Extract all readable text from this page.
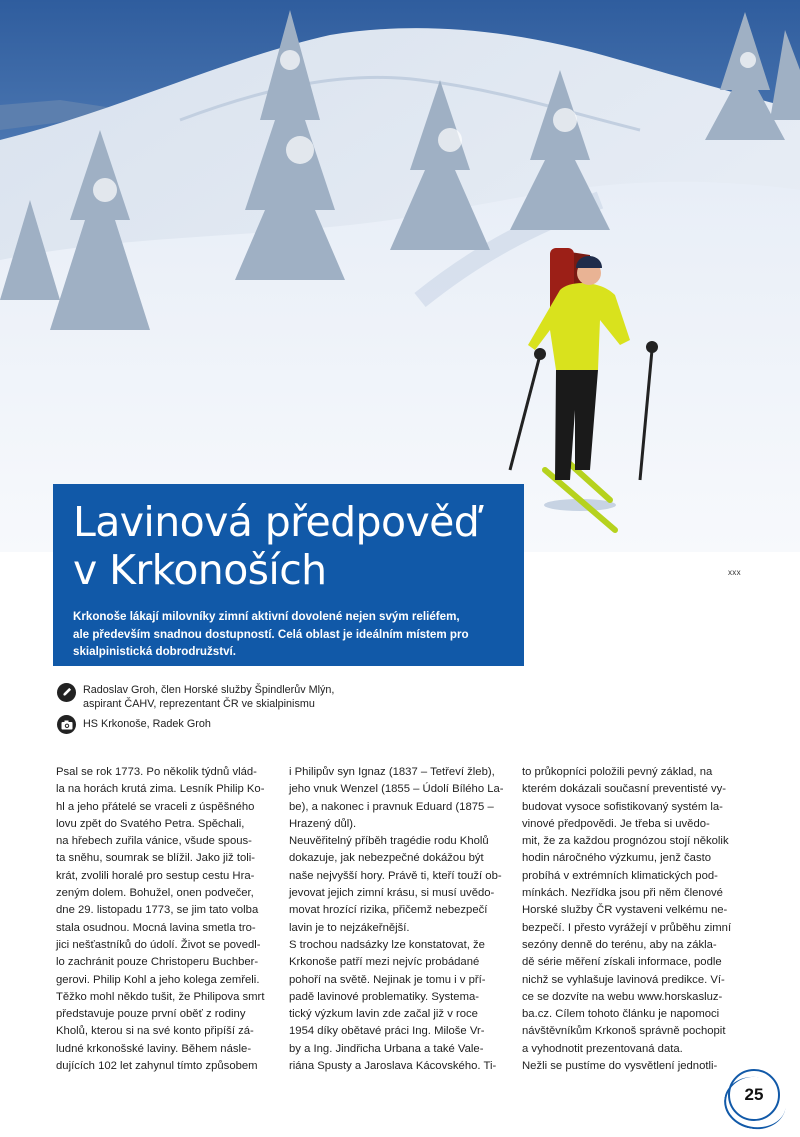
Lavinová předpověď
v Krkonoších

Krkonoše lákají milovníky zimní aktivní dovolené nejen svým reliéfem,
ale především snadnou dostupností. Celá oblast je ideálním místem pro
skialpinistická dobrodružství.

xxx
Radoslav Groh, člen Horské služby Špindlerův Mlýn,
aspirant ČAHV, reprezentant ČR ve skialpinismu
HS Krkonoše, Radek Groh
Psal se rok 1773. Po několik týdnů vlád-
la na horách krutá zima. Lesník Philip Ko-
hl a jeho přátelé se vraceli z úspěšného
lovu zpět do Svatého Petra. Spěchali,
na hřebech zuřila vánice, všude spous-
ta sněhu, soumrak se blížil. Jako již toli-
krát, zvolili horalé pro sestup cestu Hra-
zeným dolem. Bohužel, onen podvečer,
dne 29. listopadu 1773, se jim tato volba
stala osudnou. Mocná lavina smetla tro-
jici nešťastníků do údolí. Život se povedl-
lo zachránit pouze Christoperu Buchber-
gerovi. Philip Kohl a jeho kolega zemřeli.
Těžko mohl někdo tušit, že Philipova smrt
představuje pouze první oběť z rodiny
Kholů, kterou si na své konto připíší zá-
ludné krkonošské laviny. Během násle-
dujících 102 let zahynul tímto způsobem
i Philipův syn Ignaz (1837 – Tetřeví žleb),
jeho vnuk Wenzel (1855 – Údolí Bílého La-
be), a nakonec i pravnuk Eduard (1875 –
Hrazený důl).
Neuvěřitelný příběh tragédie rodu Kholů
dokazuje, jak nebezpečné dokážou být
naše nejvyšší hory. Právě ti, kteří touží ob-
jevovat jejich zimní krásu, si musí uvědo-
movat hrozící rizika, přičemž nebezpečí
lavin je to nejzákeřnější.
S trochou nadsázky lze konstatovat, že
Krkonoše patří mezi nejvíc probádané
pohoří na světě. Nejinak je tomu i v pří-
padě lavinové problematiky. Systema-
tický výzkum lavin zde začal již v roce
1954 díky obětavé práci Ing. Miloše Vr-
by a Ing. Jindřicha Urbana a také Vale-
riána Spusty a Jaroslava Kácovského. Ti-
to průkopníci položili pevný základ, na
kterém dokázali současní preventisté vy-
budovat vysoce sofistikovaný systém la-
vinové předpovědi. Je třeba si uvědo-
mit, že za každou prognózou stojí několik
hodin náročného výzkumu, jenž často
probíhá v extrémních klimatických pod-
mínkách. Nezřídka jsou při něm členové
Horské služby ČR vystaveni velkému ne-
bezpečí. I přesto vyrážejí v průběhu zimní
sezóny denně do terénu, aby na zákla-
dě série měření získali informace, podle
nichž se vyhlašuje lavinová predikce. Ví-
ce se dozvíte na webu www.horskasluz-
ba.cz. Cílem tohoto článku je napomoci
návštěvníkům Krkonoš správně pochopit
a vyhodnotit prezentovaná data.
Nežli se pustíme do vysvětlení jednotli-
25
